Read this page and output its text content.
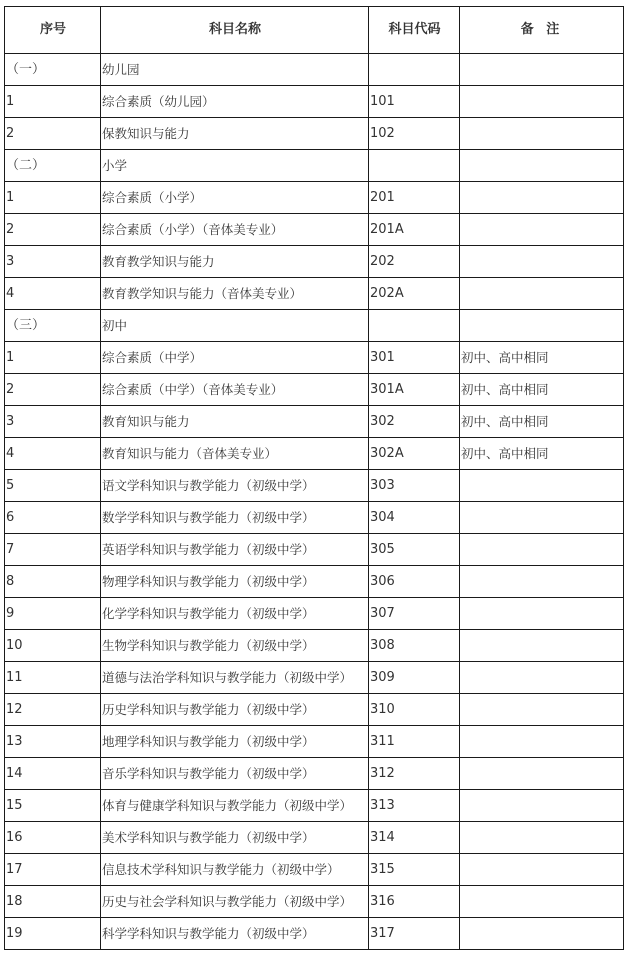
序号	科目名称	科目代码	备 注
（一）	幼儿园		
1	综合素质（幼儿园）	101	
2	保教知识与能力	102	
（二）	小学		
1	综合素质（小学）	201	
2	综合素质（小学）（音体美专业）	201A	
3	教育教学知识与能力	202	
4	教育教学知识与能力（音体美专业）	202A	
（三）	初中		
1	综合素质（中学）	301	初中、高中相同
2	综合素质（中学）（音体美专业）	301A	初中、高中相同
3	教育知识与能力	302	初中、高中相同
4	教育知识与能力（音体美专业）	302A	初中、高中相同
5	语文学科知识与教学能力（初级中学）	303	
6	数学学科知识与教学能力（初级中学）	304	
7	英语学科知识与教学能力（初级中学）	305	
8	物理学科知识与教学能力（初级中学）	306	
9	化学学科知识与教学能力（初级中学）	307	
10	生物学科知识与教学能力（初级中学）	308	
11	道德与法治学科知识与教学能力（初级中学）	309	
12	历史学科知识与教学能力（初级中学）	310	
13	地理学科知识与教学能力（初级中学）	311	
14	音乐学科知识与教学能力（初级中学）	312	
15	体育与健康学科知识与教学能力（初级中学）	313	
16	美术学科知识与教学能力（初级中学）	314	
17	信息技术学科知识与教学能力（初级中学）	315	
18	历史与社会学科知识与教学能力（初级中学）	316	
19	科学学科知识与教学能力（初级中学）	317	
